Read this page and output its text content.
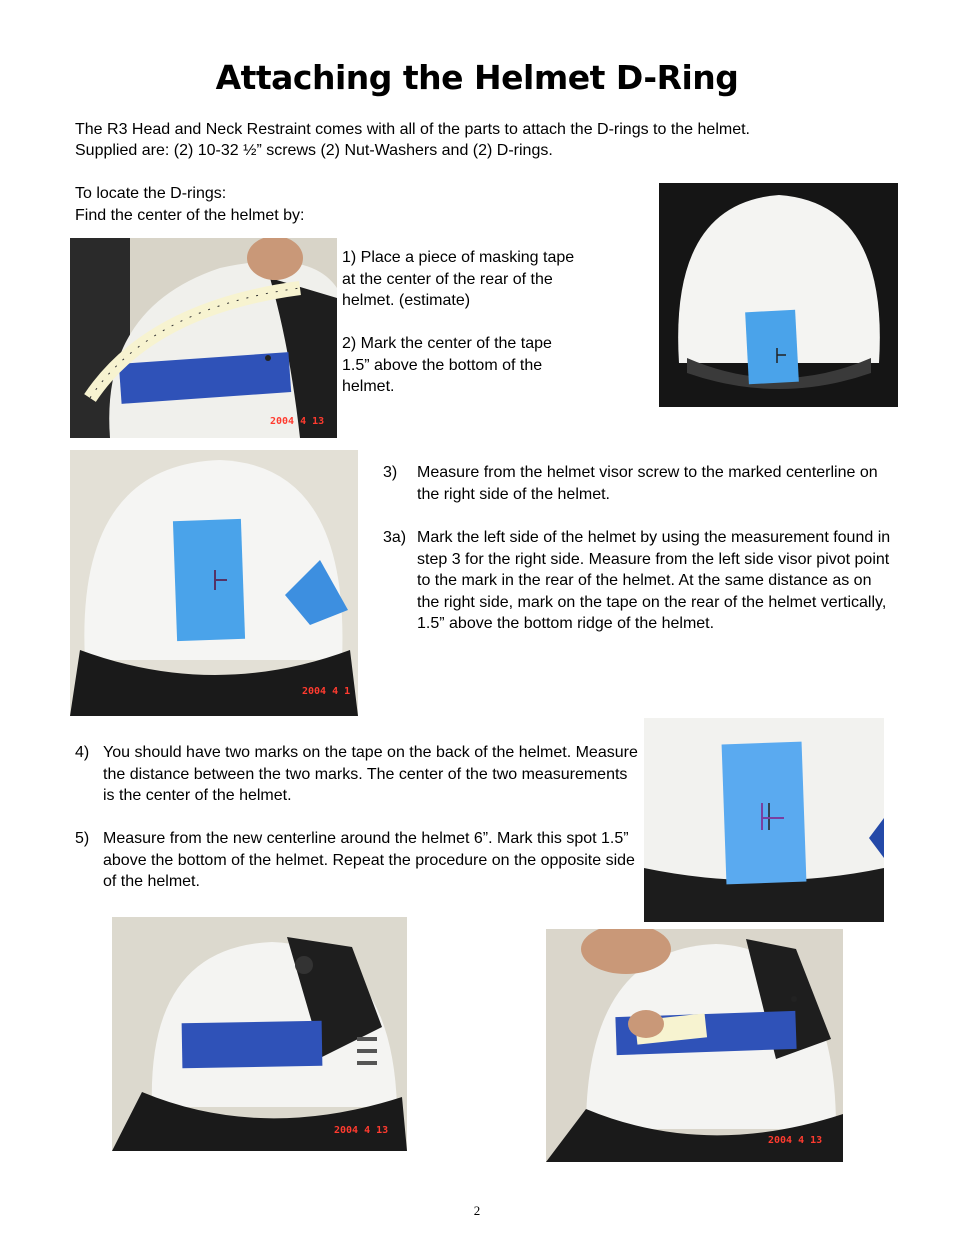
Attaching the Helmet D-Ring

The R3 Head and Neck Restraint comes with all of the parts to attach the D-rings to the helmet.

Supplied are: (2) 10-32 ½” screws (2) Nut-Washers and (2) D-rings.

To locate the D-rings:

Find the center of the helmet by:

2004 4 13

1) Place a piece of masking tape at the center of the rear of the helmet. (estimate)

2) Mark the center of the tape 1.5” above the bottom of the helmet.

2004 4 1

3) Measure from the helmet visor screw to the marked centerline on the right side of the helmet.

3a) Mark the left side of the helmet by using the measurement found in step 3 for the right side. Measure from the left side visor pivot point to the mark in the rear of the helmet. At the same distance as on the right side, mark on the tape on the rear of the helmet vertically, 1.5” above the bottom ridge of the helmet.

4) You should have two marks on the tape on the back of the helmet. Measure the distance between the two marks. The center of the two measurements is the center of the helmet.

5) Measure from the new centerline around the helmet 6”. Mark this spot 1.5” above the bottom of the helmet. Repeat the procedure on the opposite side of the helmet.

2004 4 13
2004 4 13
2
